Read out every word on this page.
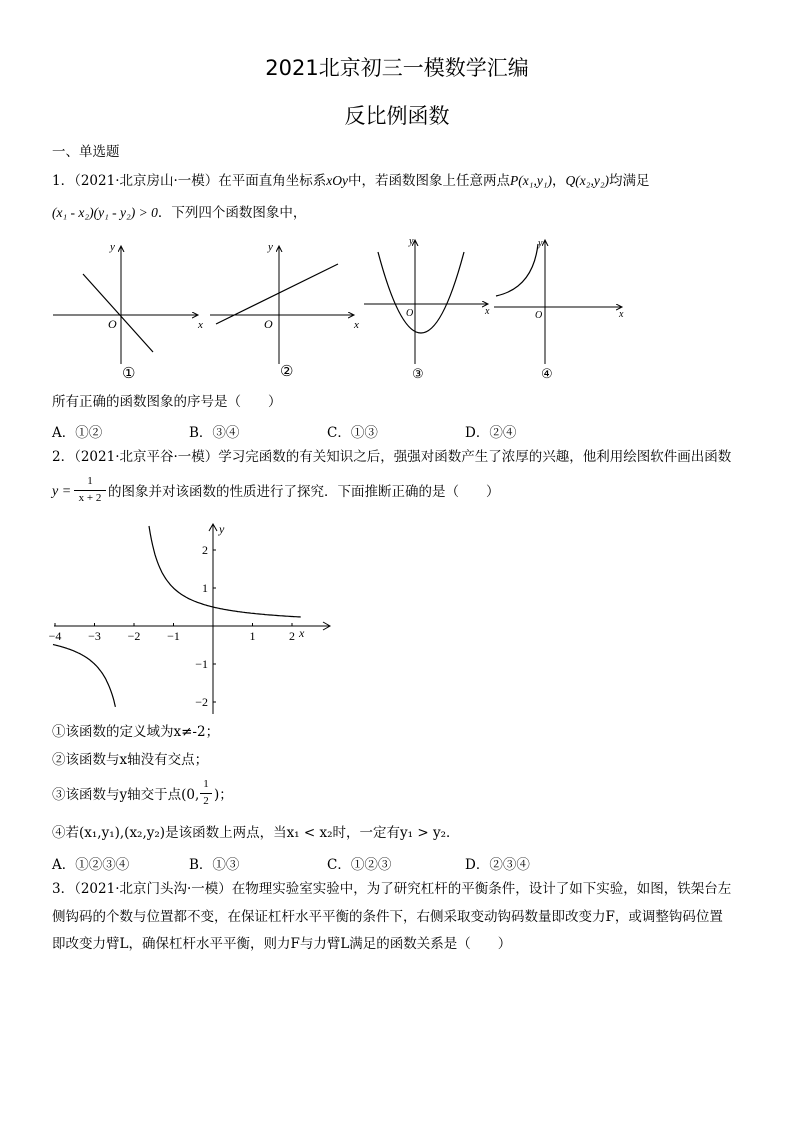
2021北京初三一模数学汇编
反比例函数
一、单选题
1．（2021·北京房山·一模）在平面直角坐标系xOy中，若函数图象上任意两点P(x₁,y₁)，Q(x₂,y₂)均满足
(x₁ - x₂)(y₁ - y₂) > 0．下列四个函数图象中，
x
y
O
①
x
y
O
②
x
y
O
③
x
y
O
④
所有正确的函数图象的序号是（　　）
A．①②	B．③④	C．①③	D．②④
2．（2021·北京平谷·一模）学习完函数的有关知识之后，强强对函数产生了浓厚的兴趣，他利用绘图软件画出函数
y =
1
x + 2 的图象并对该函数的性质进行了探究．下面推断正确的是（　　）
−4 −3 −2 −1	1	2
2
1
−1
−2
x
y
①该函数的定义域为x≠-2；
②该函数与x轴没有交点；
③该函数与y轴交于点(0,
1
2 )；
④若(x₁,y₁),(x₂,y₂)是该函数上两点，当x₁ < x₂时，一定有y₁ > y₂．
A．①②③④	B．①③	C．①②③	D．②③④
3．（2021·北京门头沟·一模）在物理实验室实验中，为了研究杠杆的平衡条件，设计了如下实验，如图，铁架台左
侧钩码的个数与位置都不变，在保证杠杆水平平衡的条件下，右侧采取变动钩码数量即改变力F，或调整钩码位置
即改变力臂L，确保杠杆水平平衡，则力F与力臂L满足的函数关系是（　　）
